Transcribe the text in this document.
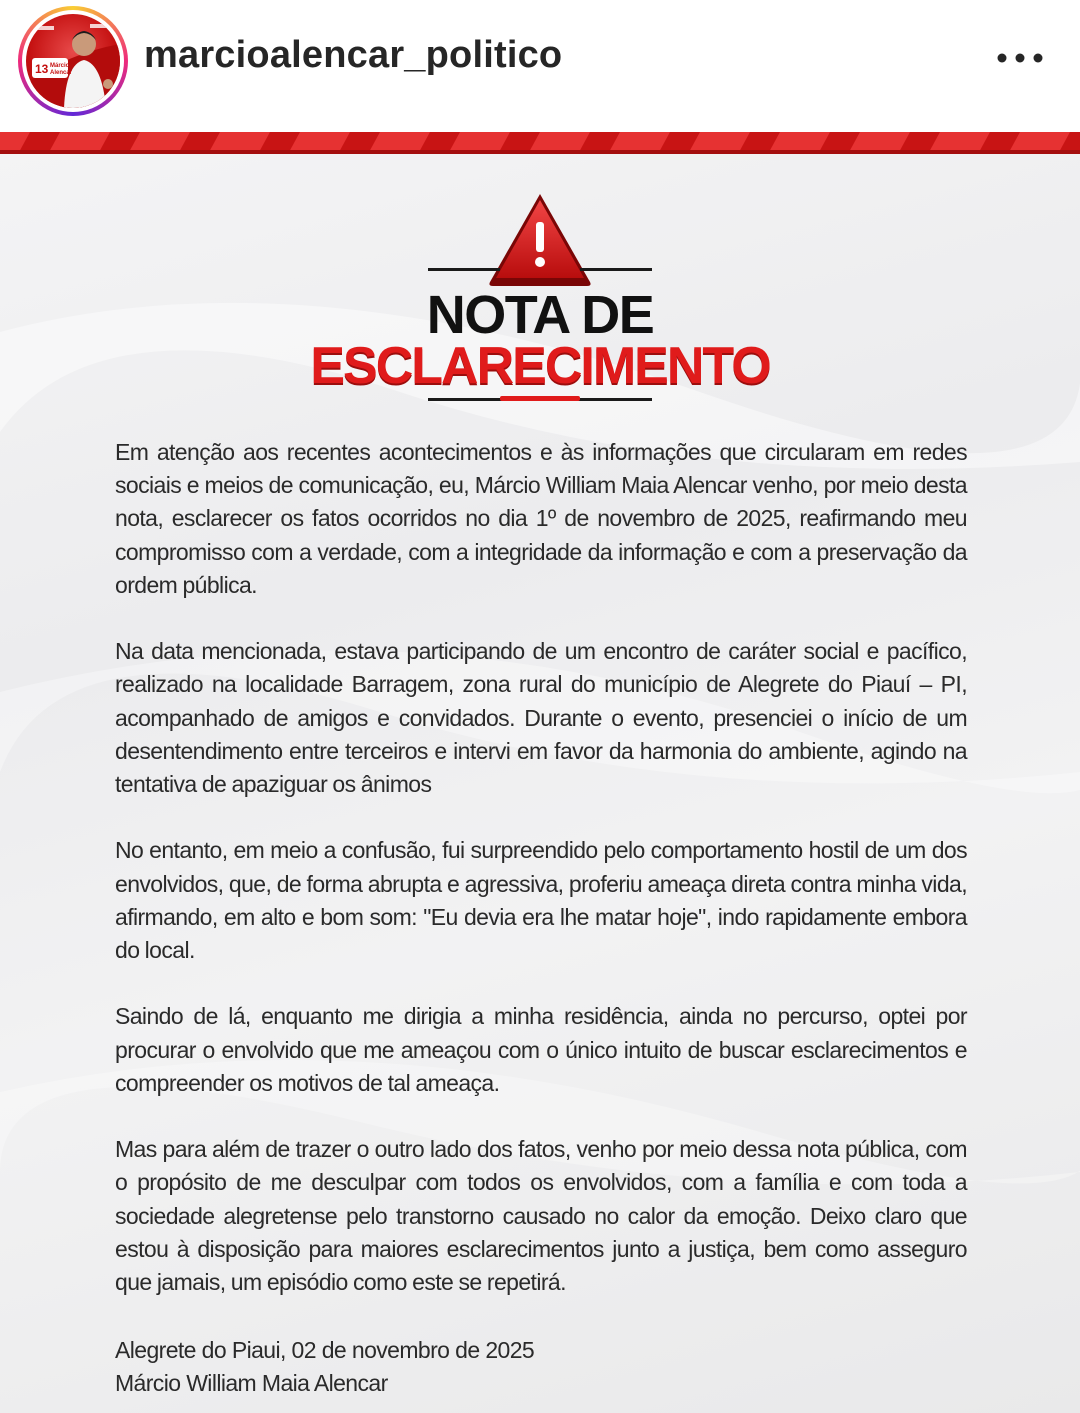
13 Márcio
Alencar marcioalencar_politico
NOTA DE
ESCLARECIMENTO

Em atenção aos recentes acontecimentos e às informações que circularam em redes sociais e meios de comunicação, eu, Márcio William Maia Alencar venho, por meio desta nota, esclarecer os fatos ocorridos no dia 1º de novembro de 2025, reafirmando meu compromisso com a verdade, com a integridade da informação e com a preservação da ordem pública.

Na data mencionada, estava participando de um encontro de caráter social e pacífico, realizado na localidade Barragem, zona rural do município de Alegrete do Piauí – PI, acompanhado de amigos e convidados. Durante o evento, presenciei o início de um desentendimento entre terceiros e intervi em favor da harmonia do ambiente, agindo na tentativa de apaziguar os ânimos

No entanto, em meio a confusão, fui surpreendido pelo comportamento hostil de um dos envolvidos, que, de forma abrupta e agressiva, proferiu ameaça direta contra minha vida, afirmando, em alto e bom som: "Eu devia era lhe matar hoje", indo rapidamente embora do local.

Saindo de lá, enquanto me dirigia a minha residência, ainda no percurso, optei por procurar o envolvido que me ameaçou com o único intuito de buscar esclarecimentos e compreender os motivos de tal ameaça.

Mas para além de trazer o outro lado dos fatos, venho por meio dessa nota pública, com o propósito de me desculpar com todos os envolvidos, com a família e com toda a sociedade alegretense pelo transtorno causado no calor da emoção. Deixo claro que estou à disposição para maiores esclarecimentos junto a justiça, bem como asseguro que jamais, um episódio como este se repetirá.

Alegrete do Piaui, 02 de novembro de 2025
Márcio William Maia Alencar
